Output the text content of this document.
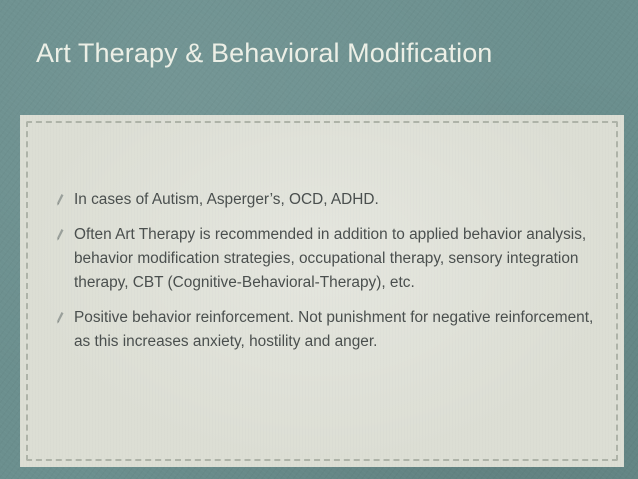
Art Therapy & Behavioral Modification
In cases of Autism, Asperger’s, OCD, ADHD.
Often Art Therapy is recommended in addition to applied behavior analysis, behavior modification strategies, occupational therapy, sensory integration therapy, CBT (Cognitive-Behavioral-Therapy), etc.
Positive behavior reinforcement. Not punishment for negative reinforcement, as this increases anxiety, hostility and anger.
